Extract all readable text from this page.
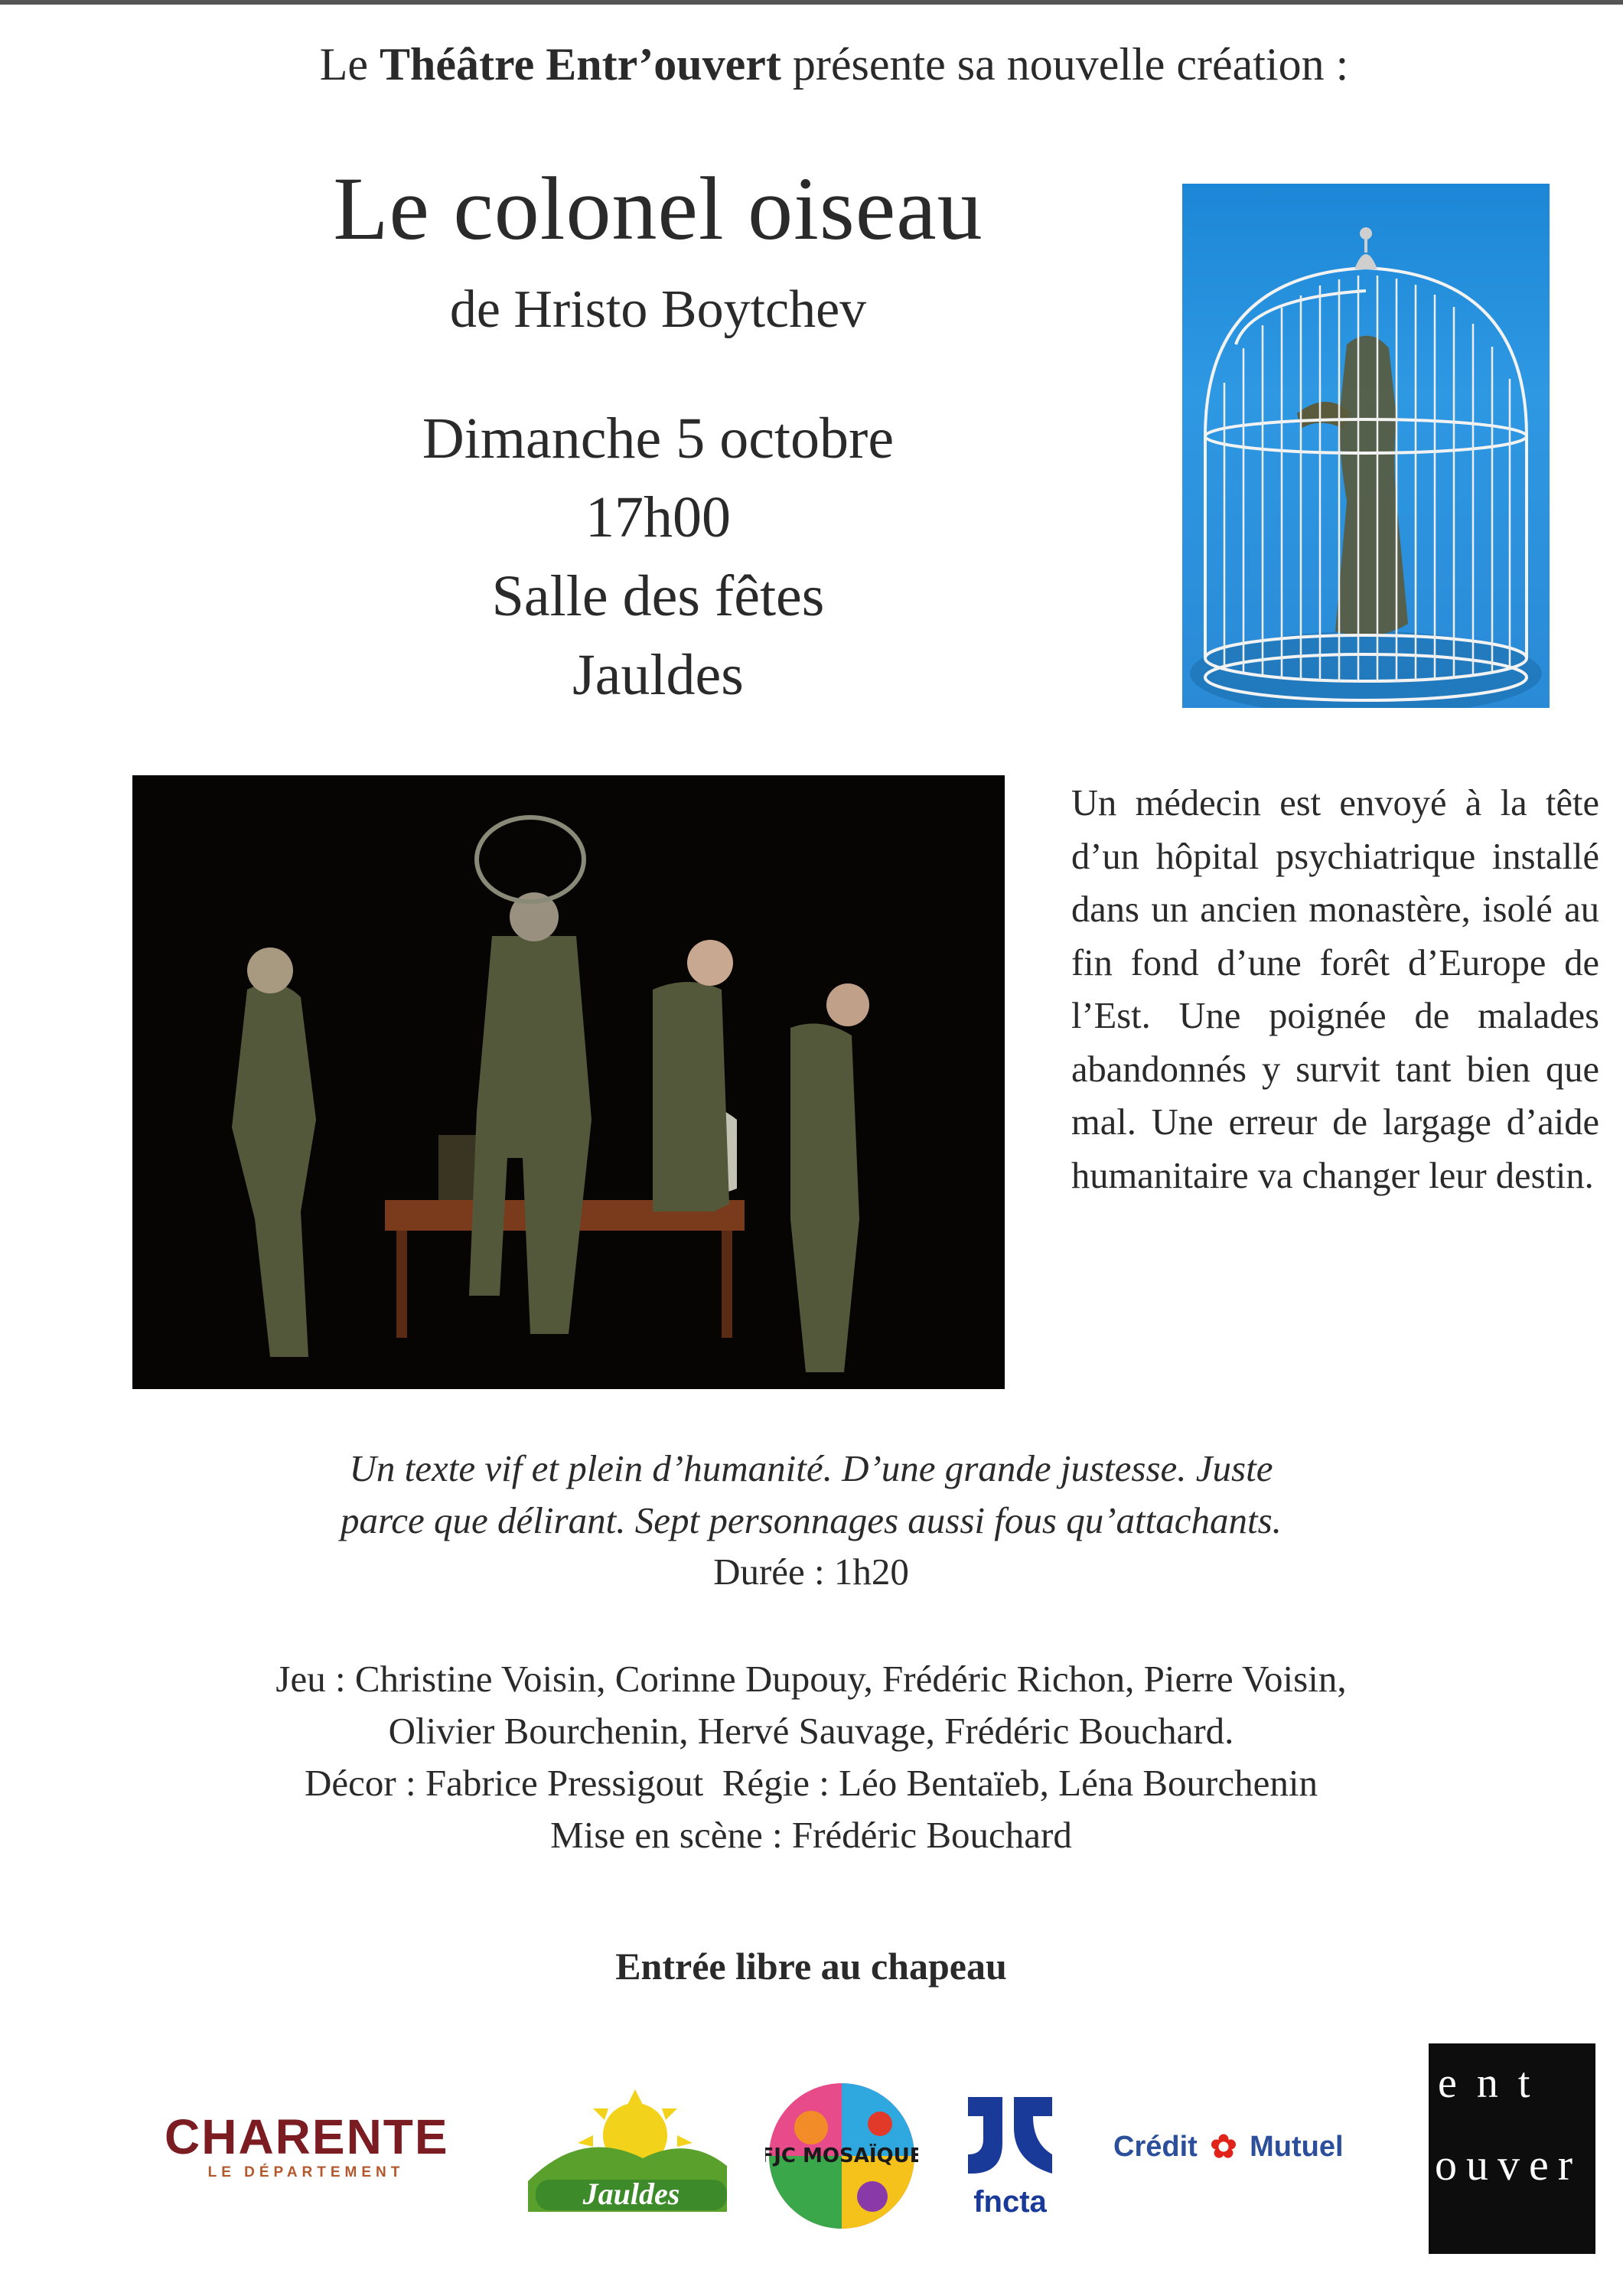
Le Théâtre Entr’ouvert présente sa nouvelle création :
Le colonel oiseau
de Hristo Boytchev
Dimanche 5 octobre
17h00
Salle des fêtes
Jauldes
Un médecin est envoyé à la tête d’un hôpital psychiatrique installé dans un ancien monastère, isolé au fin fond d’une forêt d’Europe de l’Est. Une poignée de malades abandonnés y survit tant bien que mal. Une erreur de largage d’aide humanitaire va changer leur destin.
Un texte vif et plein d’humanité. D’une grande justesse. Juste
parce que délirant. Sept personnages aussi fous qu’attachants.
Durée : 1h20
Jeu : Christine Voisin, Corinne Dupouy, Frédéric Richon, Pierre Voisin,
Olivier Bourchenin, Hervé Sauvage, Frédéric Bouchard.
Décor : Fabrice Pressigout  Régie : Léo Bentaïeb, Léna Bourchenin
Mise en scène : Frédéric Bouchard
Entrée libre au chapeau
CHARENTE
LE DÉPARTEMENT
Jauldes
FJC MOSAÏQUE
fncta
Crédit ✿ Mutuel
ent
ouver
